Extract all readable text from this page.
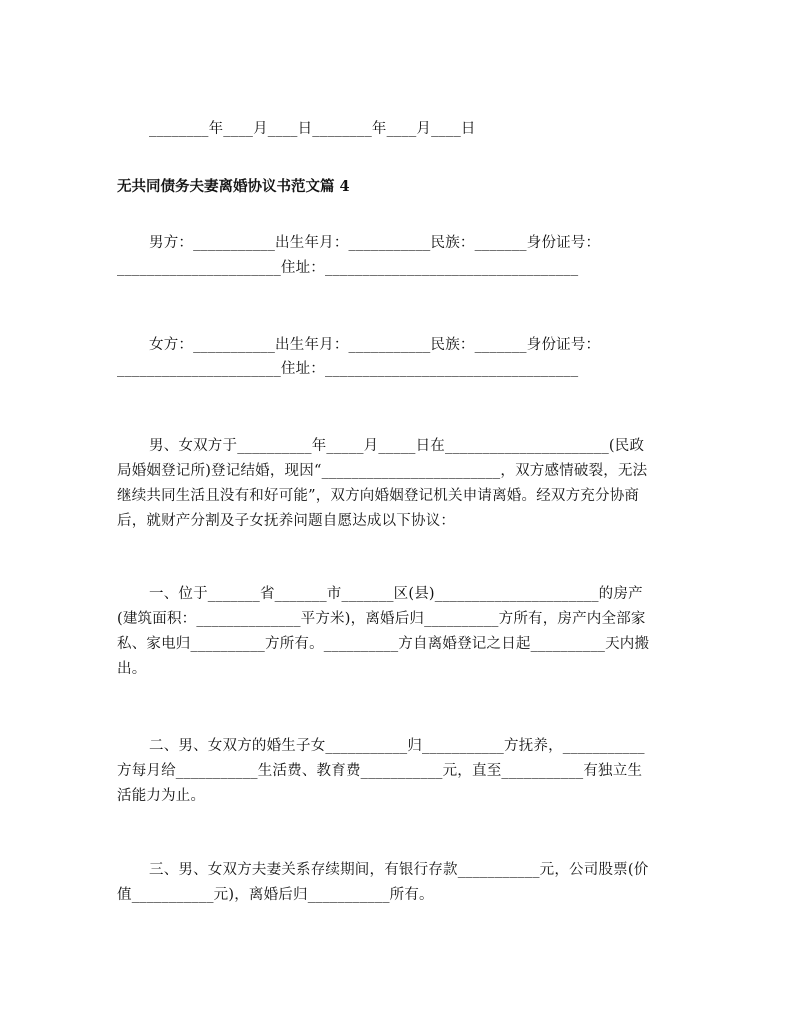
________年____月____日________年____月____日
无共同债务夫妻离婚协议书范文篇 4
男方：___________出生年月：___________民族：_______身份证号：
______________________住址：__________________________________
女方：___________出生年月：___________民族：_______身份证号：
______________________住址：__________________________________
男、女双方于__________年_____月_____日在______________________(民政
局婚姻登记所)登记结婚，现因“________________________，双方感情破裂，无法
继续共同生活且没有和好可能”，双方向婚姻登记机关申请离婚。经双方充分协商
后，就财产分割及子女抚养问题自愿达成以下协议：
一、位于_______省_______市_______区(县)______________________的房产
(建筑面积：______________平方米)，离婚后归__________方所有，房产内全部家
私、家电归__________方所有。__________方自离婚登记之日起__________天内搬
出。
二、男、女双方的婚生子女___________归___________方抚养，___________
方每月给___________生活费、教育费___________元，直至___________有独立生
活能力为止。
三、男、女双方夫妻关系存续期间，有银行存款___________元，公司股票(价
值___________元)，离婚后归___________所有。
